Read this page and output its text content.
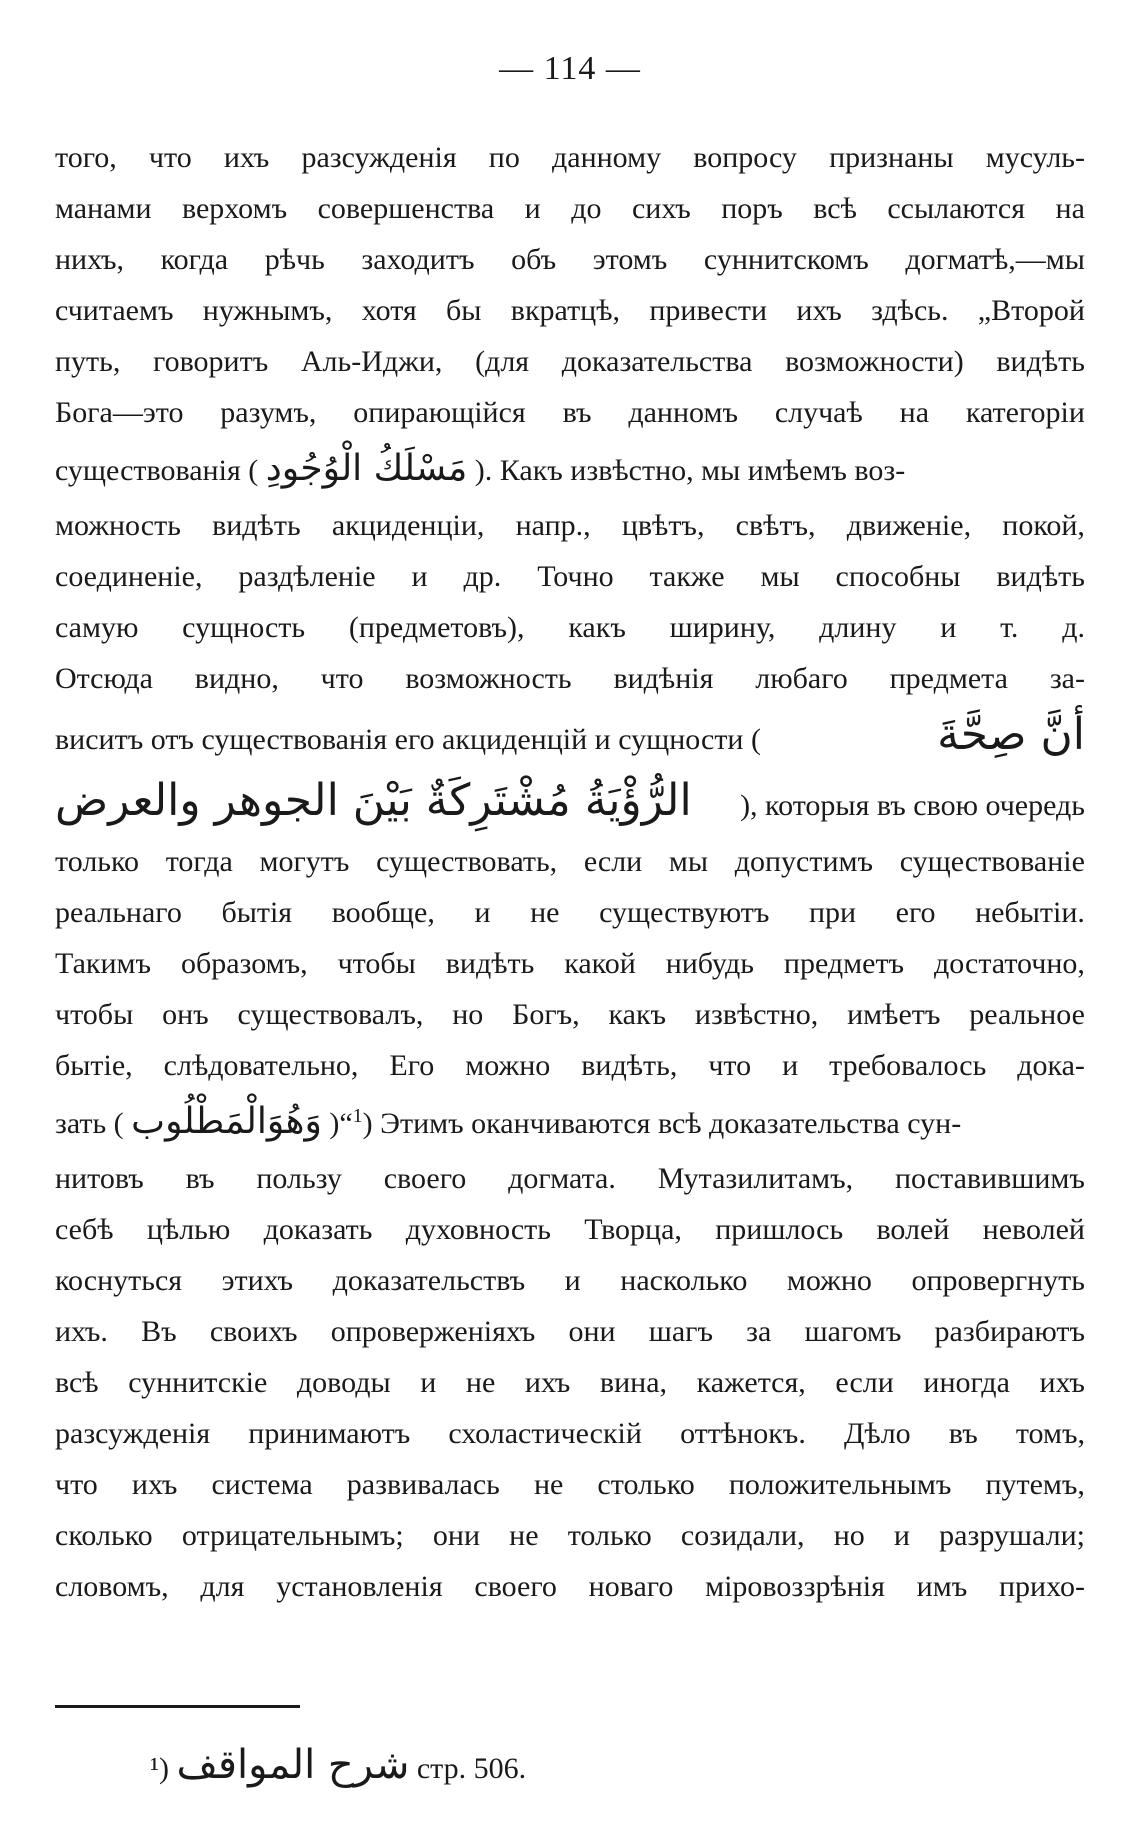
— 114 —
того, что ихъ разсужденія по данному вопросу признаны мусуль-
манами верхомъ совершенства и до сихъ поръ всѣ ссылаются на
нихъ, когда рѣчь заходитъ объ этомъ суннитскомъ догматѣ,—мы
считаемъ нужнымъ, хотя бы вкратцѣ, привести ихъ здѣсь. „Второй
путь, говоритъ Аль-Иджи, (для доказательства возможности) видѣть
Бога—это разумъ, опирающійся въ данномъ случаѣ на категоріи
существованія ( مَسْلَكُ الْوُجُودِ ). Какъ извѣстно, мы имѣемъ воз-
можность видѣть акциденціи, напр., цвѣтъ, свѣтъ, движеніе, покой,
соединеніе, раздѣленіе и др. Точно также мы способны видѣть
самую сущность (предметовъ), какъ ширину, длину и т. д.
Отсюда видно, что возможность видѣнія любаго предмета за-
виситъ отъ существованія его акциденцій и сущности (	أَنَّ صِحَّةَ
الرُّؤْيَةُ مُشْتَرِكَةٌ بَيْنَ الجوهر والعرض ), которыя въ свою очередь
только тогда могутъ существовать, если мы допустимъ существованіе
реальнаго бытія вообще, и не существуютъ при его небытіи.
Такимъ образомъ, чтобы видѣть какой нибудь предметъ достаточно,
чтобы онъ существовалъ, но Богъ, какъ извѣстно, имѣетъ реальное
бытіе, слѣдовательно, Его можно видѣть, что и требовалось дока-
зать ( وَهُوَالْمَطْلُوب )“$^1$) Этимъ оканчиваются всѣ доказательства сун-
нитовъ въ пользу своего догмата. Мутазилитамъ, поставившимъ
себѣ цѣлью доказать духовность Творца, пришлось волей неволей
коснуться этихъ доказательствъ и насколько можно опровергнуть
ихъ. Въ своихъ опроверженіяхъ они шагъ за шагомъ разбираютъ
всѣ суннитскіе доводы и не ихъ вина, кажется, если иногда ихъ
разсужденія принимаютъ схоластическій оттѣнокъ. Дѣло въ томъ,
что ихъ система развивалась не столько положительнымъ путемъ,
сколько отрицательнымъ; они не только созидали, но и разрушали;
словомъ, для установленія своего новаго міровоззрѣнія имъ прихо-
¹) شرح المواقف стр. 506.
